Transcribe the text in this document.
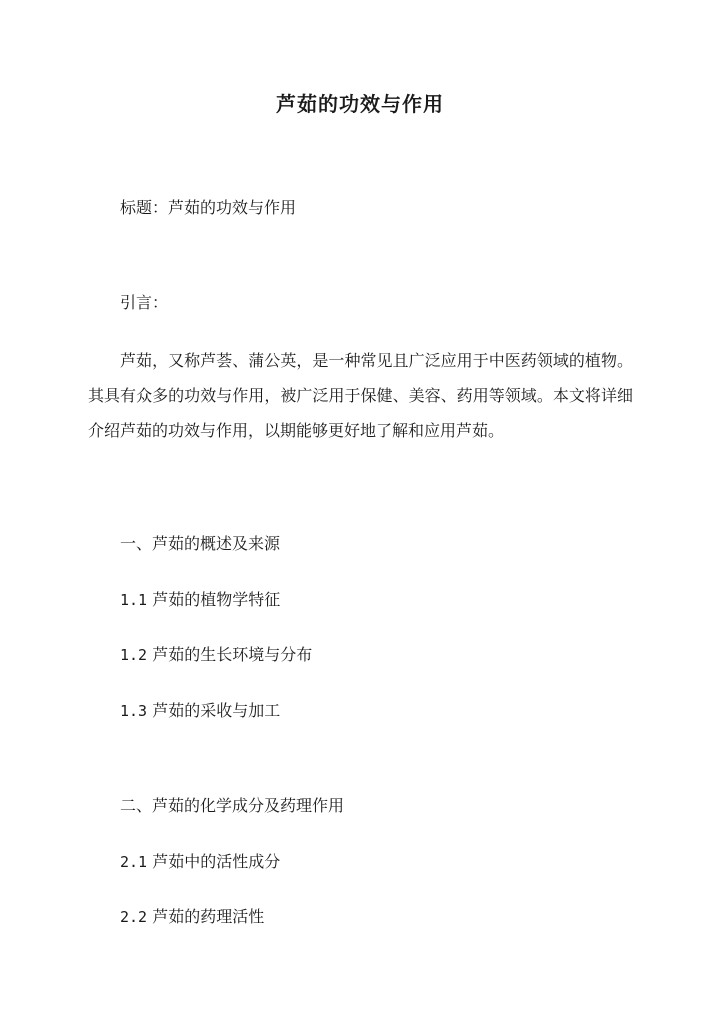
芦茹的功效与作用

标题：芦茹的功效与作用

引言：

芦茹，又称芦荟、蒲公英，是一种常见且广泛应用于中医药领域的植物。其具有众多的功效与作用，被广泛用于保健、美容、药用等领域。本文将详细介绍芦茹的功效与作用，以期能够更好地了解和应用芦茹。

一、芦茹的概述及来源

1.1 芦茹的植物学特征

1.2 芦茹的生长环境与分布

1.3 芦茹的采收与加工

二、芦茹的化学成分及药理作用

2.1 芦茹中的活性成分

2.2 芦茹的药理活性
